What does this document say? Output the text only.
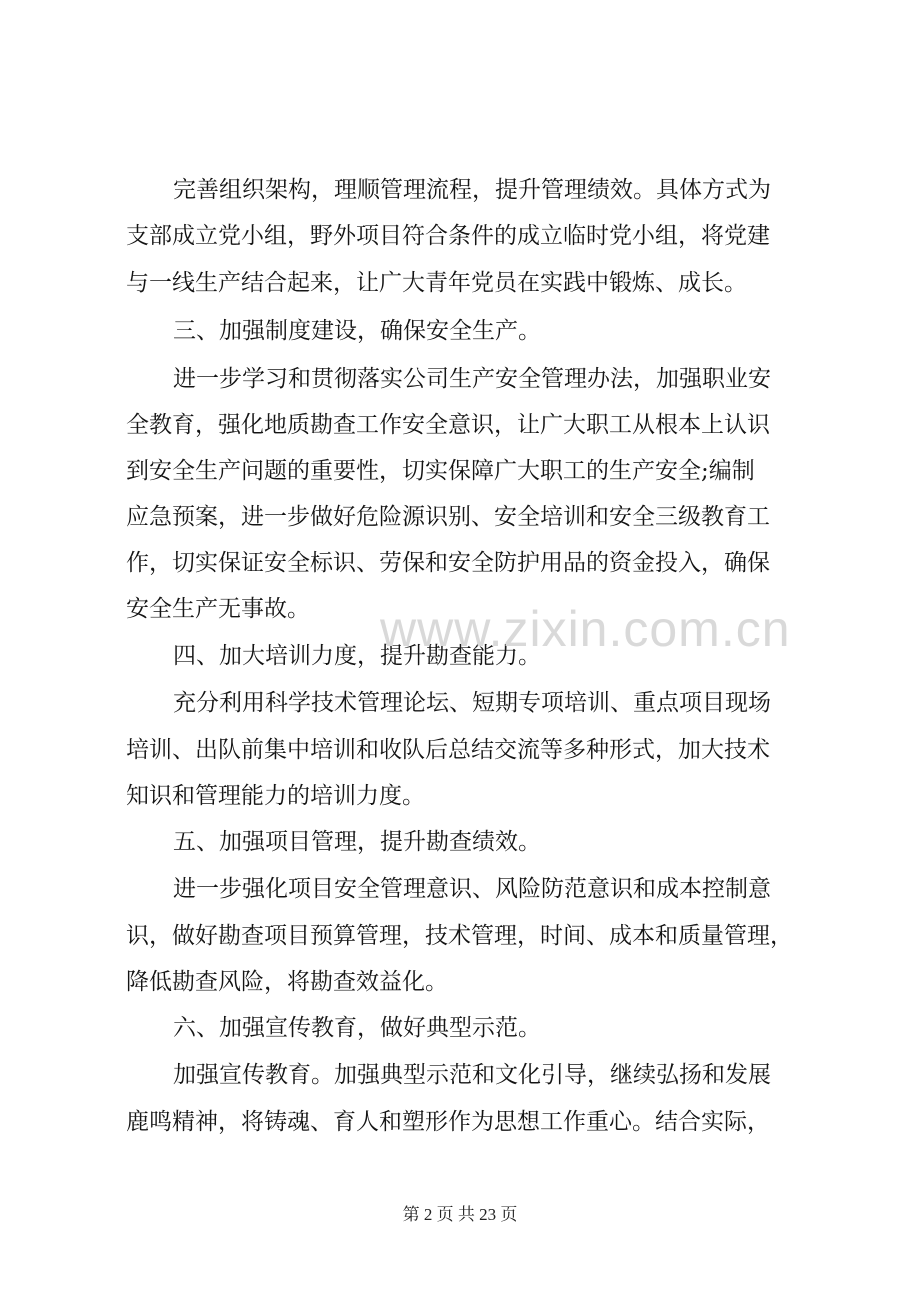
完善组织架构，理顺管理流程，提升管理绩效。具体方式为
支部成立党小组，野外项目符合条件的成立临时党小组，将党建
与一线生产结合起来，让广大青年党员在实践中锻炼、成长。
三、加强制度建设，确保安全生产。
进一步学习和贯彻落实公司生产安全管理办法，加强职业安
全教育，强化地质勘查工作安全意识，让广大职工从根本上认识
到安全生产问题的重要性，切实保障广大职工的生产安全;编制
应急预案，进一步做好危险源识别、安全培训和安全三级教育工
作，切实保证安全标识、劳保和安全防护用品的资金投入，确保
安全生产无事故。
四、加大培训力度，提升勘查能力。
充分利用科学技术管理论坛、短期专项培训、重点项目现场
培训、出队前集中培训和收队后总结交流等多种形式，加大技术
知识和管理能力的培训力度。
五、加强项目管理，提升勘查绩效。
进一步强化项目安全管理意识、风险防范意识和成本控制意
识，做好勘查项目预算管理，技术管理，时间、成本和质量管理，
降低勘查风险，将勘查效益化。
六、加强宣传教育，做好典型示范。
加强宣传教育。加强典型示范和文化引导，继续弘扬和发展
鹿鸣精神，将铸魂、育人和塑形作为思想工作重心。结合实际，
www.zixin.com.cn
第 2 页 共 23 页
